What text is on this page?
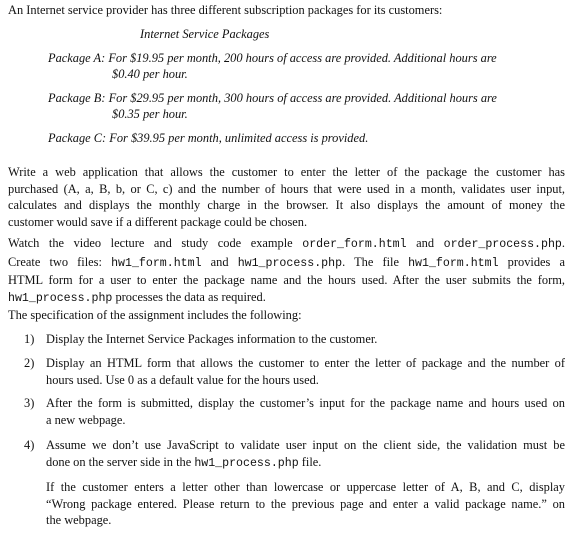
An Internet service provider has three different subscription packages for its customers:
Internet Service Packages
Package A: For $19.95 per month, 200 hours of access are provided. Additional hours are
$0.40 per hour.
Package B: For $29.95 per month, 300 hours of access are provided. Additional hours are
$0.35 per hour.
Package C: For $39.95 per month, unlimited access is provided.
Write a web application that allows the customer to enter the letter of the package the customer has
purchased (A, a, B, b, or C, c) and the number of hours that were used in a month, validates user input,
calculates and displays the monthly charge in the browser. It also displays the amount of money the
customer would save if a different package could be chosen.
Watch the video lecture and study code example order_form.html and order_process.php.
Create two files: hw1_form.html and hw1_process.php. The file hw1_form.html provides a
HTML form for a user to enter the package name and the hours used. After the user submits the form,
hw1_process.php processes the data as required.
The specification of the assignment includes the following:
1) Display the Internet Service Packages information to the customer.
2) Display an HTML form that allows the customer to enter the letter of package and the number of
hours used. Use 0 as a default value for the hours used.
3) After the form is submitted, display the customer’s input for the package name and hours used on
a new webpage.
4) Assume we don’t use JavaScript to validate user input on the client side, the validation must be
done on the server side in the hw1_process.php file.
If the customer enters a letter other than lowercase or uppercase letter of A, B, and C, display
“Wrong package entered. Please return to the previous page and enter a valid package name.” on
the webpage.
